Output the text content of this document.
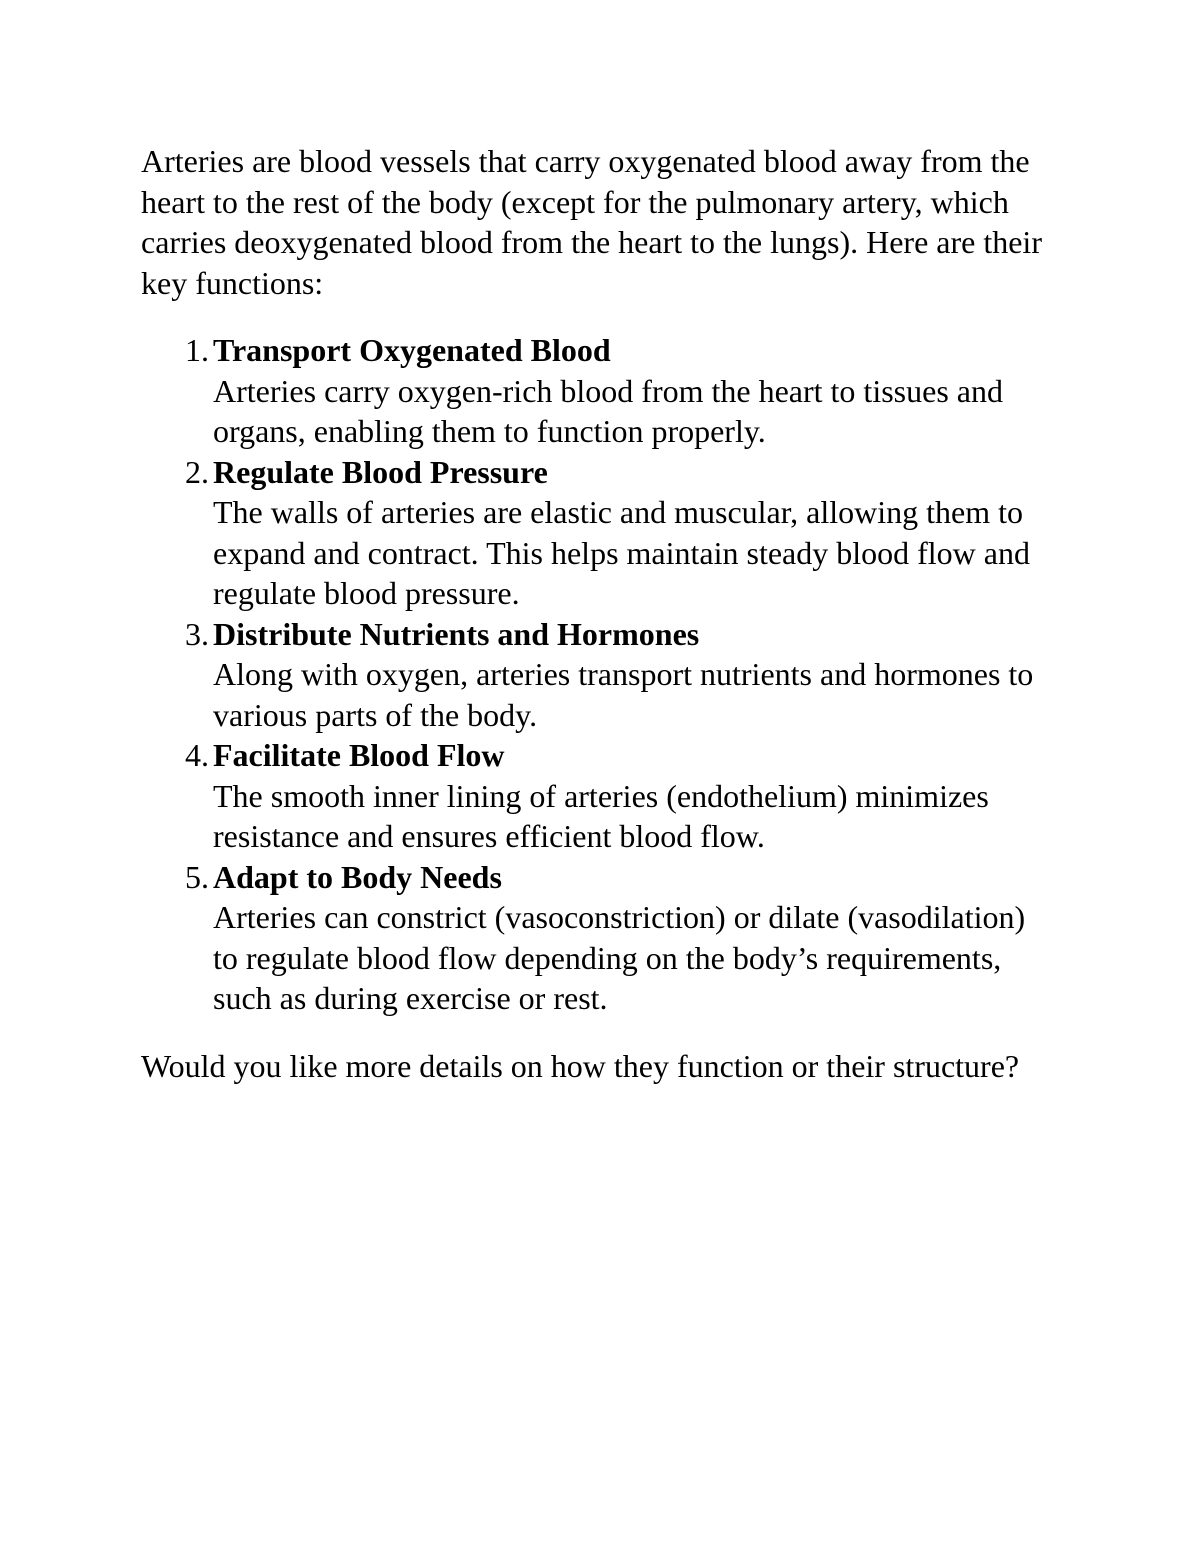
Arteries are blood vessels that carry oxygenated blood away from the heart to the rest of the body (except for the pulmonary artery, which carries deoxygenated blood from the heart to the lungs). Here are their key functions:

1. Transport Oxygenated Blood
Arteries carry oxygen-rich blood from the heart to tissues and organs, enabling them to function properly.
2. Regulate Blood Pressure
The walls of arteries are elastic and muscular, allowing them to expand and contract. This helps maintain steady blood flow and regulate blood pressure.
3. Distribute Nutrients and Hormones
Along with oxygen, arteries transport nutrients and hormones to various parts of the body.
4. Facilitate Blood Flow
The smooth inner lining of arteries (endothelium) minimizes resistance and ensures efficient blood flow.
5. Adapt to Body Needs
Arteries can constrict (vasoconstriction) or dilate (vasodilation) to regulate blood flow depending on the body’s requirements, such as during exercise or rest.

Would you like more details on how they function or their structure?
